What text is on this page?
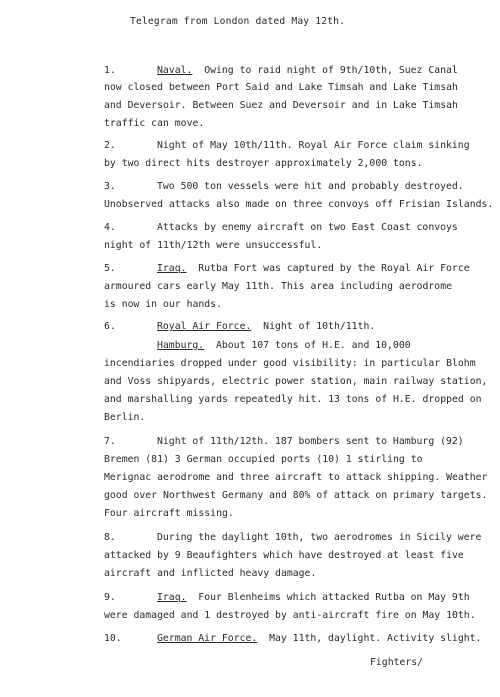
Telegram from London dated May 12th.
1.	Naval. Owing to raid night of 9th/10th, Suez Canal
now closed between Port Said and Lake Timsah and Lake Timsah
and Deversoir. Between Suez and Deversoir and in Lake Timsah
traffic can move.
2.	Night of May 10th/11th. Royal Air Force claim sinking
by two direct hits destroyer approximately 2,000 tons.
3.	Two 500 ton vessels were hit and probably destroyed.
Unobserved attacks also made on three convoys off Frisian Islands.
4.	Attacks by enemy aircraft on two East Coast convoys
night of 11th/12th were unsuccessful.
5.	Iraq. Rutba Fort was captured by the Royal Air Force
armoured cars early May 11th. This area including aerodrome
is now in our hands.
6.	Royal Air Force. Night of 10th/11th.
Hamburg. About 107 tons of H.E. and 10,000
incendiaries dropped under good visibility: in particular Blohm
and Voss shipyards, electric power station, main railway station,
and marshalling yards repeatedly hit. 13 tons of H.E. dropped on
Berlin.
7.	Night of 11th/12th. 187 bombers sent to Hamburg (92)
Bremen (81) 3 German occupied ports (10) 1 stirling to
Merignac aerodrome and three aircraft to attack shipping. Weather
good over Northwest Germany and 80% of attack on primary targets.
Four aircraft missing.
8.	During the daylight 10th, two aerodromes in Sicily were
attacked by 9 Beaufighters which have destroyed at least five
aircraft and inflicted heavy damage.
9.	Iraq. Four Blenheims which attacked Rutba on May 9th
were damaged and 1 destroyed by anti-aircraft fire on May 10th.
10.	German Air Force. May 11th, daylight. Activity slight.
Fighters/
